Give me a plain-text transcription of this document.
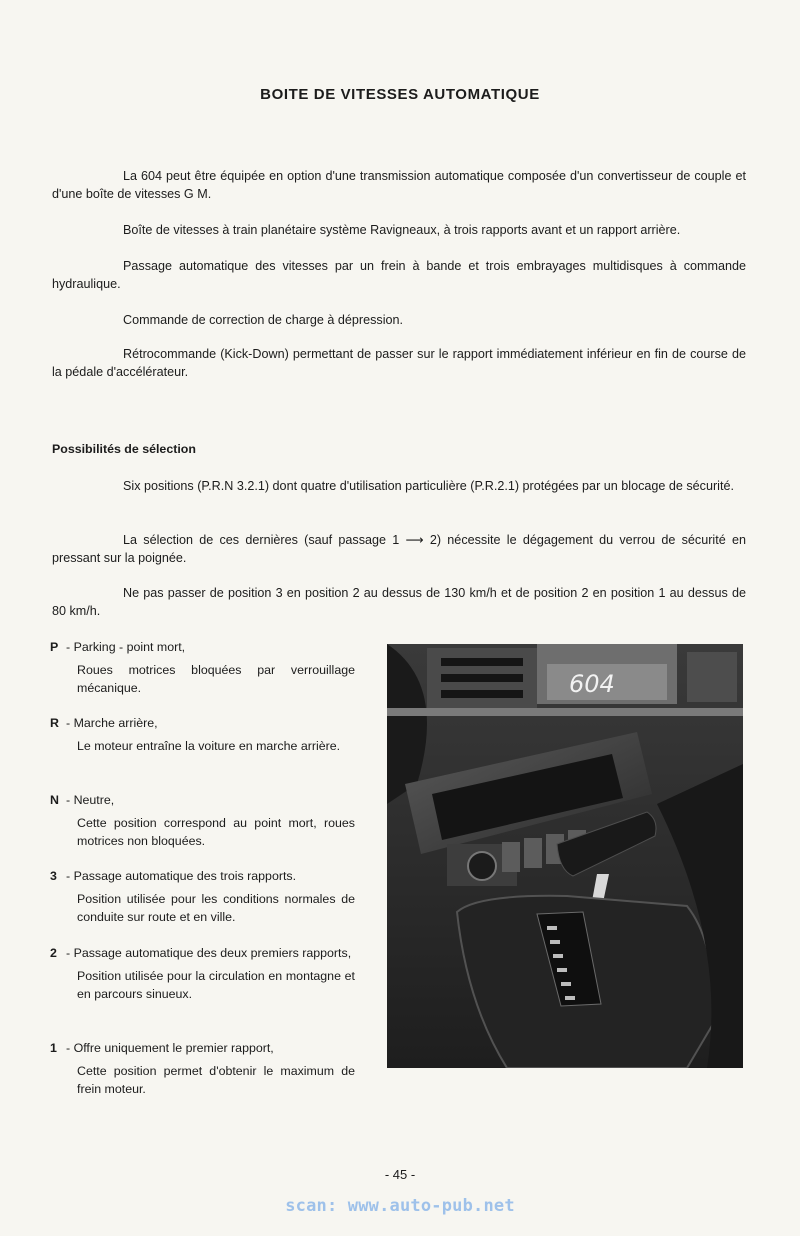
BOITE DE VITESSES AUTOMATIQUE
La 604 peut être équipée en option d'une transmission automatique composée d'un convertisseur de couple et d'une boîte de vitesses G M.
Boîte de vitesses à train planétaire système Ravigneaux, à trois rapports avant et un rapport arrière.
Passage automatique des vitesses par un frein à bande et trois embrayages multidisques à commande hydraulique.
Commande de correction de charge à dépression.
Rétrocommande (Kick-Down) permettant de passer sur le rapport immédiatement inférieur en fin de course de la pédale d'accélérateur.
Possibilités de sélection
Six positions (P.R.N 3.2.1) dont quatre d'utilisation particulière (P.R.2.1) protégées par un blocage de sécurité.
La sélection de ces dernières (sauf passage 1 ⟶ 2) nécessite le dégagement du verrou de sécurité en pressant sur la poignée.
Ne pas passer de position 3 en position 2 au dessus de 130 km/h et de position 2 en position 1 au dessus de 80 km/h.
P - Parking - point mort,
Roues motrices bloquées par verrouillage mécanique.
R - Marche arrière,
Le moteur entraîne la voiture en marche arrière.
N - Neutre,
Cette position correspond au point mort, roues motrices non bloquées.
3 - Passage automatique des trois rapports.
Position utilisée pour les conditions normales de conduite sur route et en ville.
2 - Passage automatique des deux premiers rapports,
Position utilisée pour la circulation en montagne et en parcours sinueux.
1 - Offre uniquement le premier rapport,
Cette position permet d'obtenir le maximum de frein moteur.
604
- 45 -
scan: www.auto-pub.net
